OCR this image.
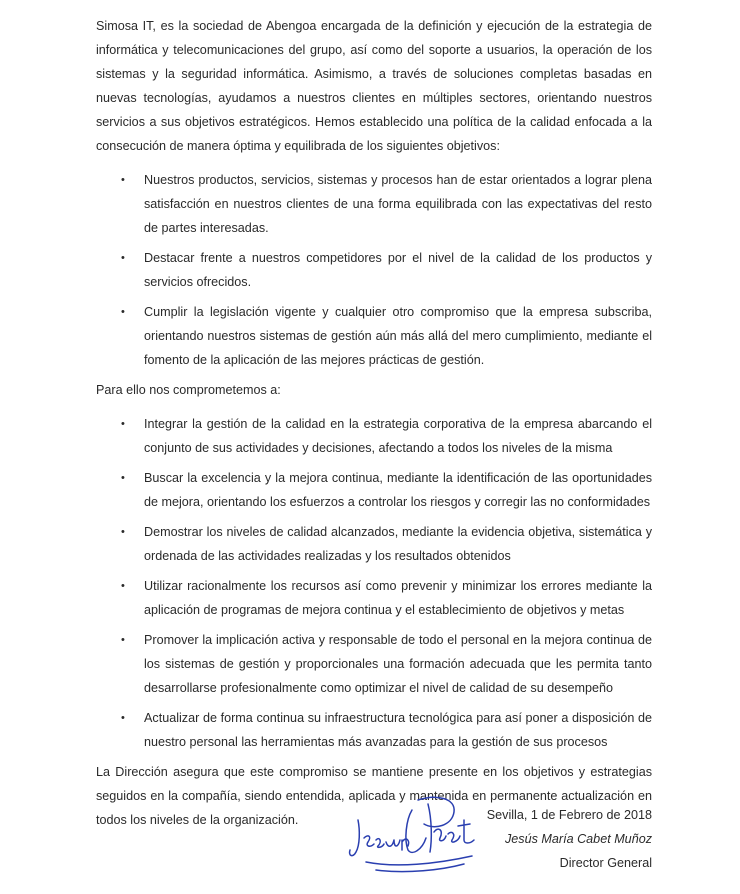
Simosa IT, es la sociedad de Abengoa encargada de la definición y ejecución de la estrategia de informática y telecomunicaciones del grupo, así como del soporte a usuarios, la operación de los sistemas y la seguridad informática. Asimismo, a través de soluciones completas basadas en nuevas tecnologías, ayudamos a nuestros clientes en múltiples sectores, orientando nuestros servicios a sus objetivos estratégicos. Hemos establecido una política de la calidad enfocada a la consecución de manera óptima y equilibrada de los siguientes objetivos:

• Nuestros productos, servicios, sistemas y procesos han de estar orientados a lograr plena satisfacción en nuestros clientes de una forma equilibrada con las expectativas del resto de partes interesadas.
• Destacar frente a nuestros competidores por el nivel de la calidad de los productos y servicios ofrecidos.
• Cumplir la legislación vigente y cualquier otro compromiso que la empresa subscriba, orientando nuestros sistemas de gestión aún más allá del mero cumplimiento, mediante el fomento de la aplicación de las mejores prácticas de gestión.

Para ello nos comprometemos a:

• Integrar la gestión de la calidad en la estrategia corporativa de la empresa abarcando el conjunto de sus actividades y decisiones, afectando a todos los niveles de la misma
• Buscar la excelencia y la mejora continua, mediante la identificación de las oportunidades de mejora, orientando los esfuerzos a controlar los riesgos y corregir las no conformidades
• Demostrar los niveles de calidad alcanzados, mediante la evidencia objetiva, sistemática y ordenada de las actividades realizadas y los resultados obtenidos
• Utilizar racionalmente los recursos así como prevenir y minimizar los errores mediante la aplicación de programas de mejora continua y el establecimiento de objetivos y metas
• Promover la implicación activa y responsable de todo el personal en la mejora continua de los sistemas de gestión y proporcionales una formación adecuada que les permita tanto desarrollarse profesionalmente como optimizar el nivel de calidad de su desempeño
• Actualizar de forma continua su infraestructura tecnológica para así poner a disposición de nuestro personal las herramientas más avanzadas para la gestión de sus procesos

La Dirección asegura que este compromiso se mantiene presente en los objetivos y estrategias seguidos en la compañía, siendo entendida, aplicada y mantenida en permanente actualización en todos los niveles de la organización.	Sevilla, 1 de Febrero de 2018
Jesús María Cabet Muñoz
Director General
